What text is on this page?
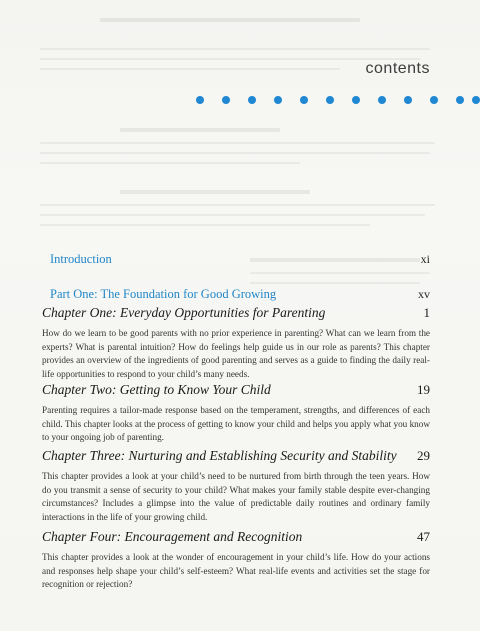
contents
Introduction	xi
Part One: The Foundation for Good Growing	xv
Chapter One: Everyday Opportunities for Parenting	1

How do we learn to be good parents with no prior experience in parenting? What can we learn from the experts? What is parental intuition? How do feelings help guide us in our role as parents? This chapter provides an overview of the ingredients of good parenting and serves as a guide to finding the daily real-life opportunities to respond to your child’s many needs.

Chapter Two: Getting to Know Your Child	19

Parenting requires a tailor-made response based on the temperament, strengths, and differences of each child. This chapter looks at the process of getting to know your child and helps you apply what you know to your ongoing job of parenting.

Chapter Three: Nurturing and Establishing Security and Stability 29

This chapter provides a look at your child’s need to be nurtured from birth through the teen years. How do you transmit a sense of security to your child? What makes your family stable despite ever-changing circumstances? Includes a glimpse into the value of predictable daily routines and ordinary family interactions in the life of your growing child.

Chapter Four: Encouragement and Recognition	47

This chapter provides a look at the wonder of encouragement in your child’s life. How do your actions and responses help shape your child’s self-esteem? What real-life events and activities set the stage for recognition or rejection?
